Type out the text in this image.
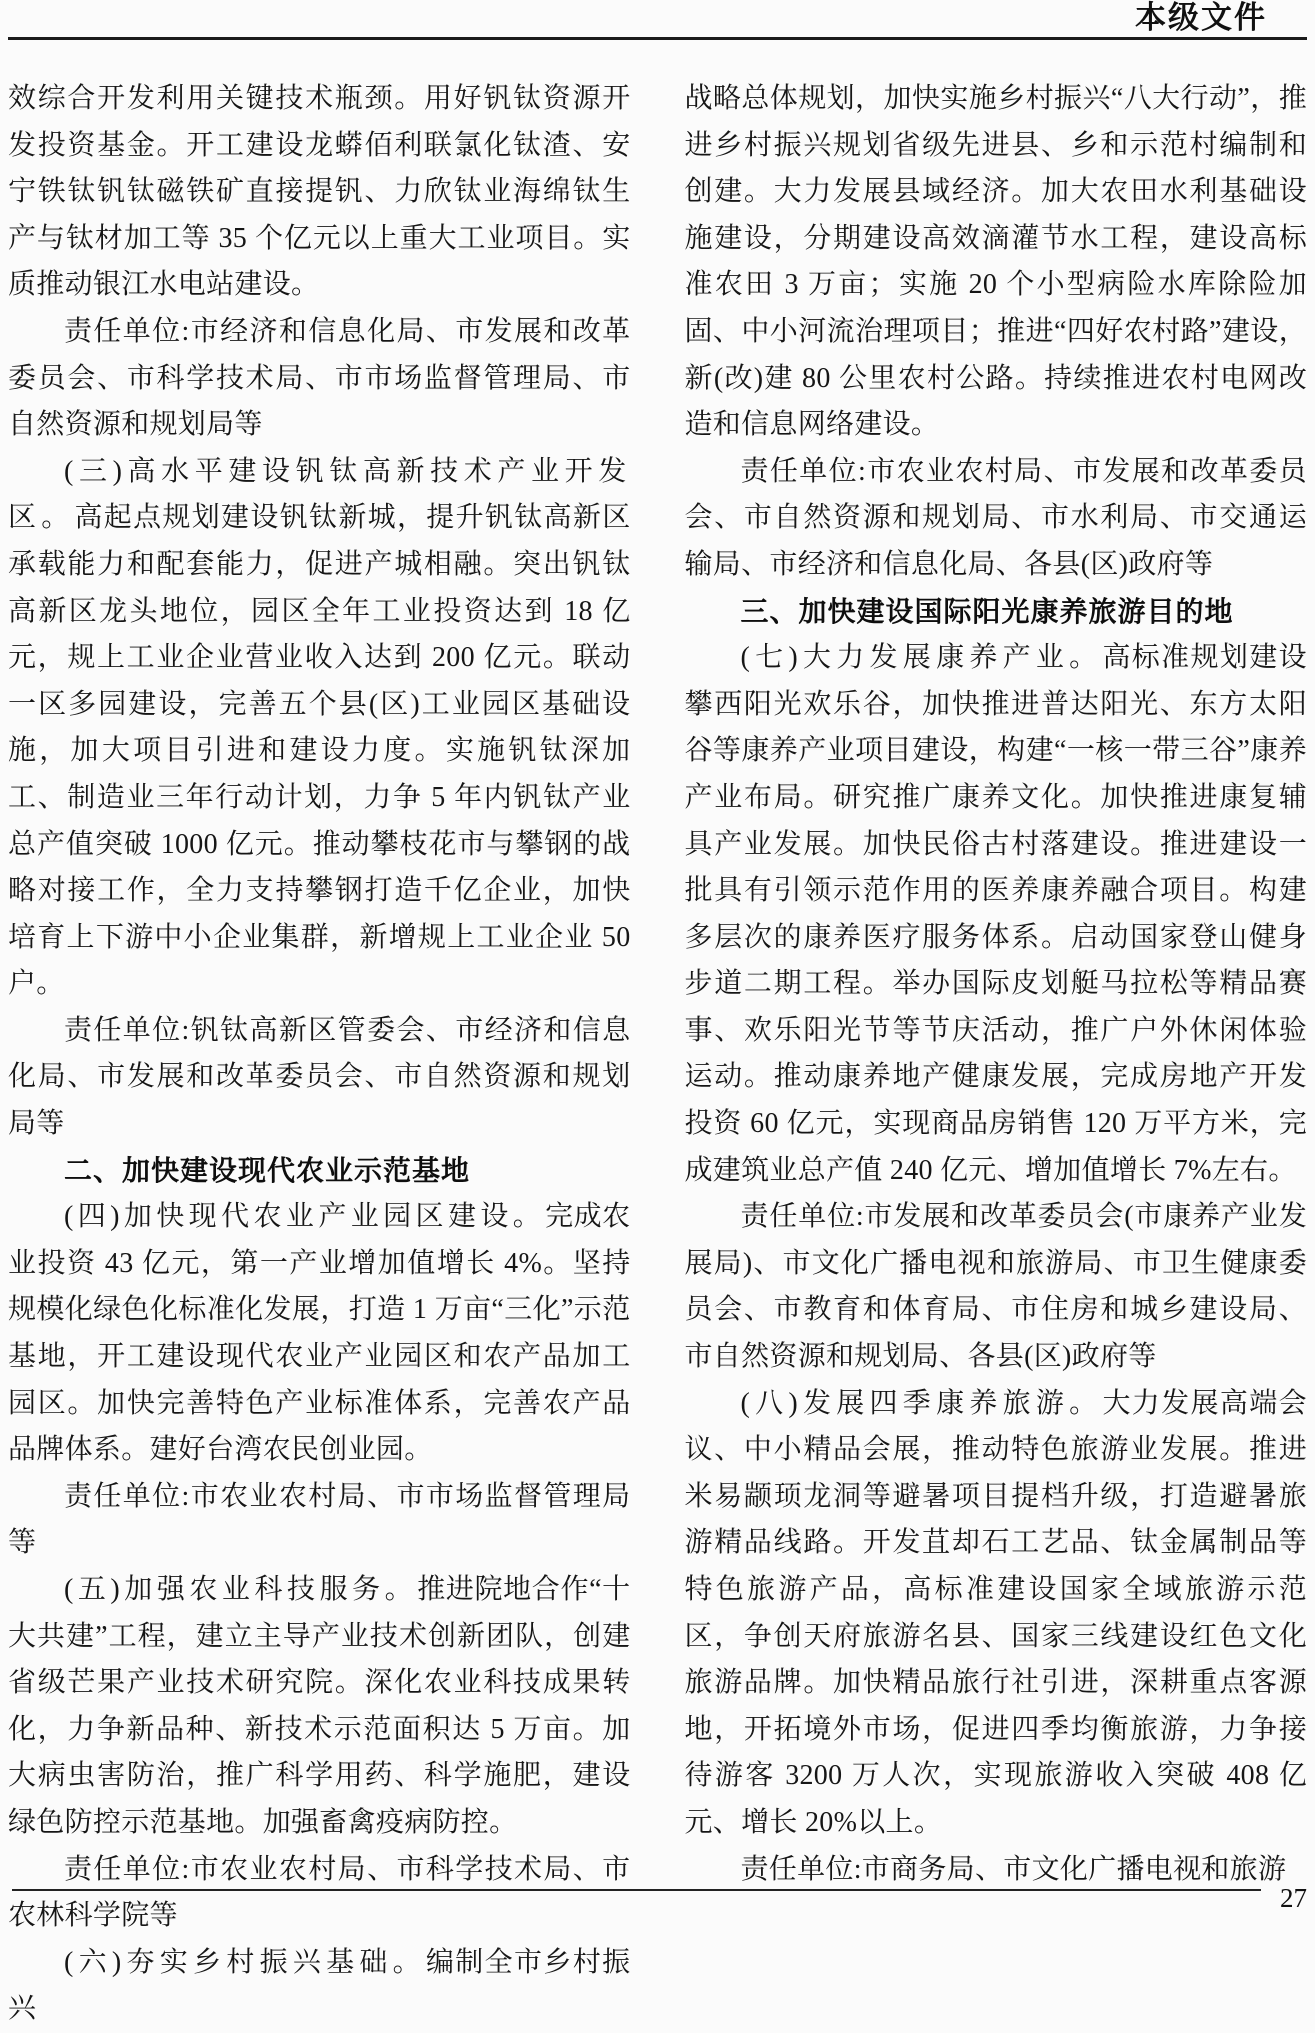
本级文件

效综合开发利用关键技术瓶颈。用好钒钛资源开发投资基金。开工建设龙蟒佰利联氯化钛渣、安宁铁钛钒钛磁铁矿直接提钒、力欣钛业海绵钛生产与钛材加工等 35 个亿元以上重大工业项目。实质推动银江水电站建设。

责任单位:市经济和信息化局、市发展和改革委员会、市科学技术局、市市场监督管理局、市自然资源和规划局等

(三)高水平建设钒钛高新技术产业开发区。高起点规划建设钒钛新城，提升钒钛高新区承载能力和配套能力，促进产城相融。突出钒钛高新区龙头地位，园区全年工业投资达到 18 亿元，规上工业企业营业收入达到 200 亿元。联动一区多园建设，完善五个县(区)工业园区基础设施，加大项目引进和建设力度。实施钒钛深加工、制造业三年行动计划，力争 5 年内钒钛产业总产值突破 1000 亿元。推动攀枝花市与攀钢的战略对接工作，全力支持攀钢打造千亿企业，加快培育上下游中小企业集群，新增规上工业企业 50 户。

责任单位:钒钛高新区管委会、市经济和信息化局、市发展和改革委员会、市自然资源和规划局等

二、加快建设现代农业示范基地

(四)加快现代农业产业园区建设。完成农业投资 43 亿元，第一产业增加值增长 4%。坚持规模化绿色化标准化发展，打造 1 万亩“三化”示范基地，开工建设现代农业产业园区和农产品加工园区。加快完善特色产业标准体系，完善农产品品牌体系。建好台湾农民创业园。

责任单位:市农业农村局、市市场监督管理局等

(五)加强农业科技服务。推进院地合作“十大共建”工程，建立主导产业技术创新团队，创建省级芒果产业技术研究院。深化农业科技成果转化，力争新品种、新技术示范面积达 5 万亩。加大病虫害防治，推广科学用药、科学施肥，建设绿色防控示范基地。加强畜禽疫病防控。

责任单位:市农业农村局、市科学技术局、市农林科学院等

(六)夯实乡村振兴基础。编制全市乡村振兴

战略总体规划，加快实施乡村振兴“八大行动”，推进乡村振兴规划省级先进县、乡和示范村编制和创建。大力发展县域经济。加大农田水利基础设施建设，分期建设高效滴灌节水工程，建设高标准农田 3 万亩；实施 20 个小型病险水库除险加固、中小河流治理项目；推进“四好农村路”建设，新(改)建 80 公里农村公路。持续推进农村电网改造和信息网络建设。

责任单位:市农业农村局、市发展和改革委员会、市自然资源和规划局、市水利局、市交通运输局、市经济和信息化局、各县(区)政府等

三、加快建设国际阳光康养旅游目的地

(七)大力发展康养产业。高标准规划建设攀西阳光欢乐谷，加快推进普达阳光、东方太阳谷等康养产业项目建设，构建“一核一带三谷”康养产业布局。研究推广康养文化。加快推进康复辅具产业发展。加快民俗古村落建设。推进建设一批具有引领示范作用的医养康养融合项目。构建多层次的康养医疗服务体系。启动国家登山健身步道二期工程。举办国际皮划艇马拉松等精品赛事、欢乐阳光节等节庆活动，推广户外休闲体验运动。推动康养地产健康发展，完成房地产开发投资 60 亿元，实现商品房销售 120 万平方米，完成建筑业总产值 240 亿元、增加值增长 7%左右。

责任单位:市发展和改革委员会(市康养产业发展局)、市文化广播电视和旅游局、市卫生健康委员会、市教育和体育局、市住房和城乡建设局、市自然资源和规划局、各县(区)政府等

(八)发展四季康养旅游。大力发展高端会议、中小精品会展，推动特色旅游业发展。推进米易颛顼龙洞等避暑项目提档升级，打造避暑旅游精品线路。开发苴却石工艺品、钛金属制品等特色旅游产品，高标准建设国家全域旅游示范区，争创天府旅游名县、国家三线建设红色文化旅游品牌。加快精品旅行社引进，深耕重点客源地，开拓境外市场，促进四季均衡旅游，力争接待游客 3200 万人次，实现旅游收入突破 408 亿元、增长 20%以上。

责任单位:市商务局、市文化广播电视和旅游

27
